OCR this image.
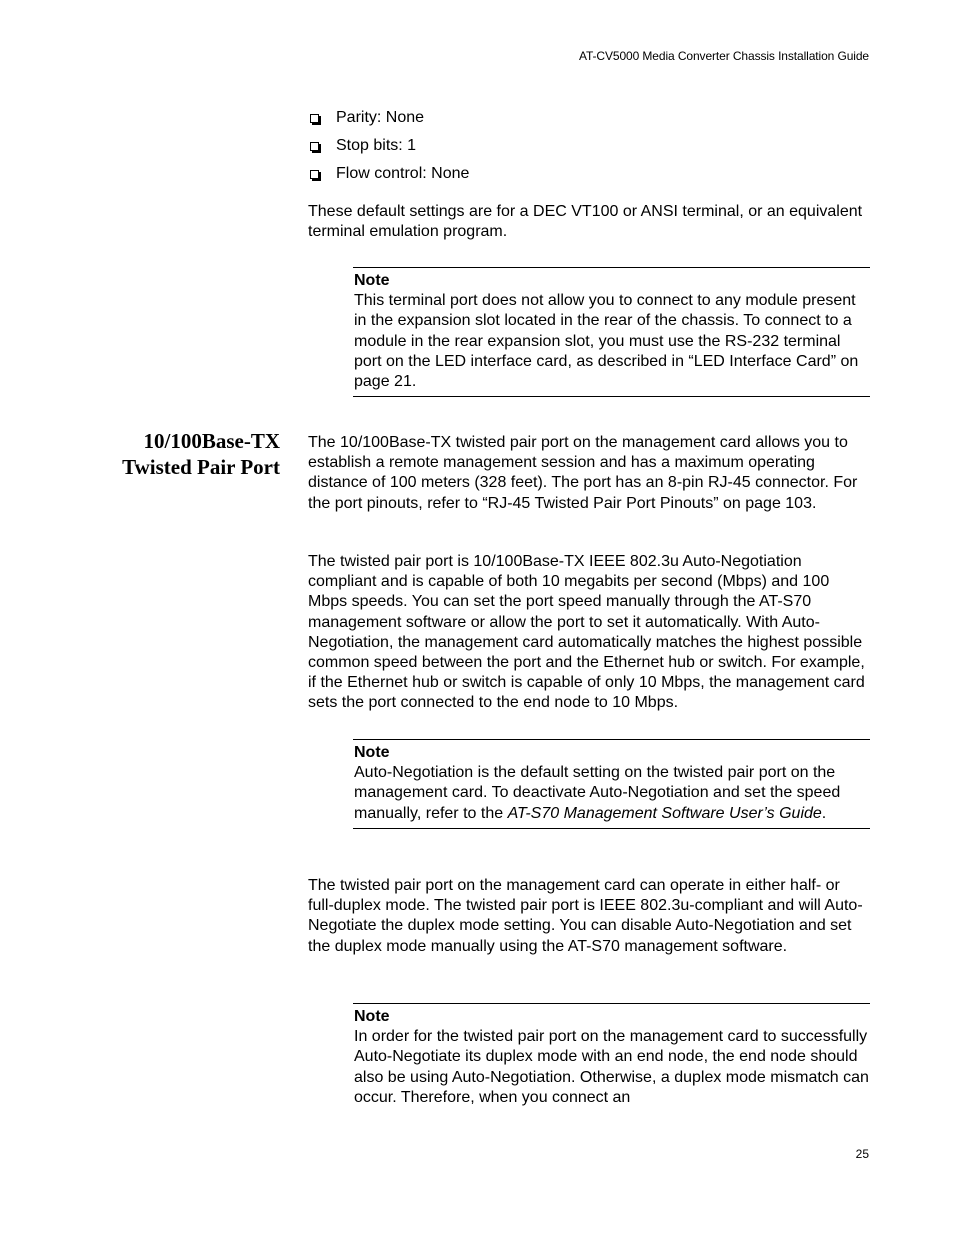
AT-CV5000 Media Converter Chassis Installation Guide
Parity: None
Stop bits: 1
Flow control: None

These default settings are for a DEC VT100 or ANSI terminal, or an equivalent terminal emulation program.

Note

This terminal port does not allow you to connect to any module present in the expansion slot located in the rear of the chassis. To connect to a module in the rear expansion slot, you must use the RS-232 terminal port on the LED interface card, as described in “LED Interface Card” on page 21.

10/100Base-TX
Twisted Pair Port

The 10/100Base-TX twisted pair port on the management card allows you to establish a remote management session and has a maximum operating distance of 100 meters (328 feet). The port has an 8-pin RJ-45 connector. For the port pinouts, refer to “RJ-45 Twisted Pair Port Pinouts” on page 103.

The twisted pair port is 10/100Base-TX IEEE 802.3u Auto-Negotiation compliant and is capable of both 10 megabits per second (Mbps) and 100 Mbps speeds. You can set the port speed manually through the AT-S70 management software or allow the port to set it automatically. With Auto-Negotiation, the management card automatically matches the highest possible common speed between the port and the Ethernet hub or switch. For example, if the Ethernet hub or switch is capable of only 10 Mbps, the management card sets the port connected to the end node to 10 Mbps.

Note

Auto-Negotiation is the default setting on the twisted pair port on the management card. To deactivate Auto-Negotiation and set the speed manually, refer to the AT-S70 Management Software User’s Guide.

The twisted pair port on the management card can operate in either half- or full-duplex mode. The twisted pair port is IEEE 802.3u-compliant and will Auto-Negotiate the duplex mode setting. You can disable Auto-Negotiation and set the duplex mode manually using the AT-S70 management software.

Note

In order for the twisted pair port on the management card to successfully Auto-Negotiate its duplex mode with an end node, the end node should also be using Auto-Negotiation. Otherwise, a duplex mode mismatch can occur. Therefore, when you connect an

25
